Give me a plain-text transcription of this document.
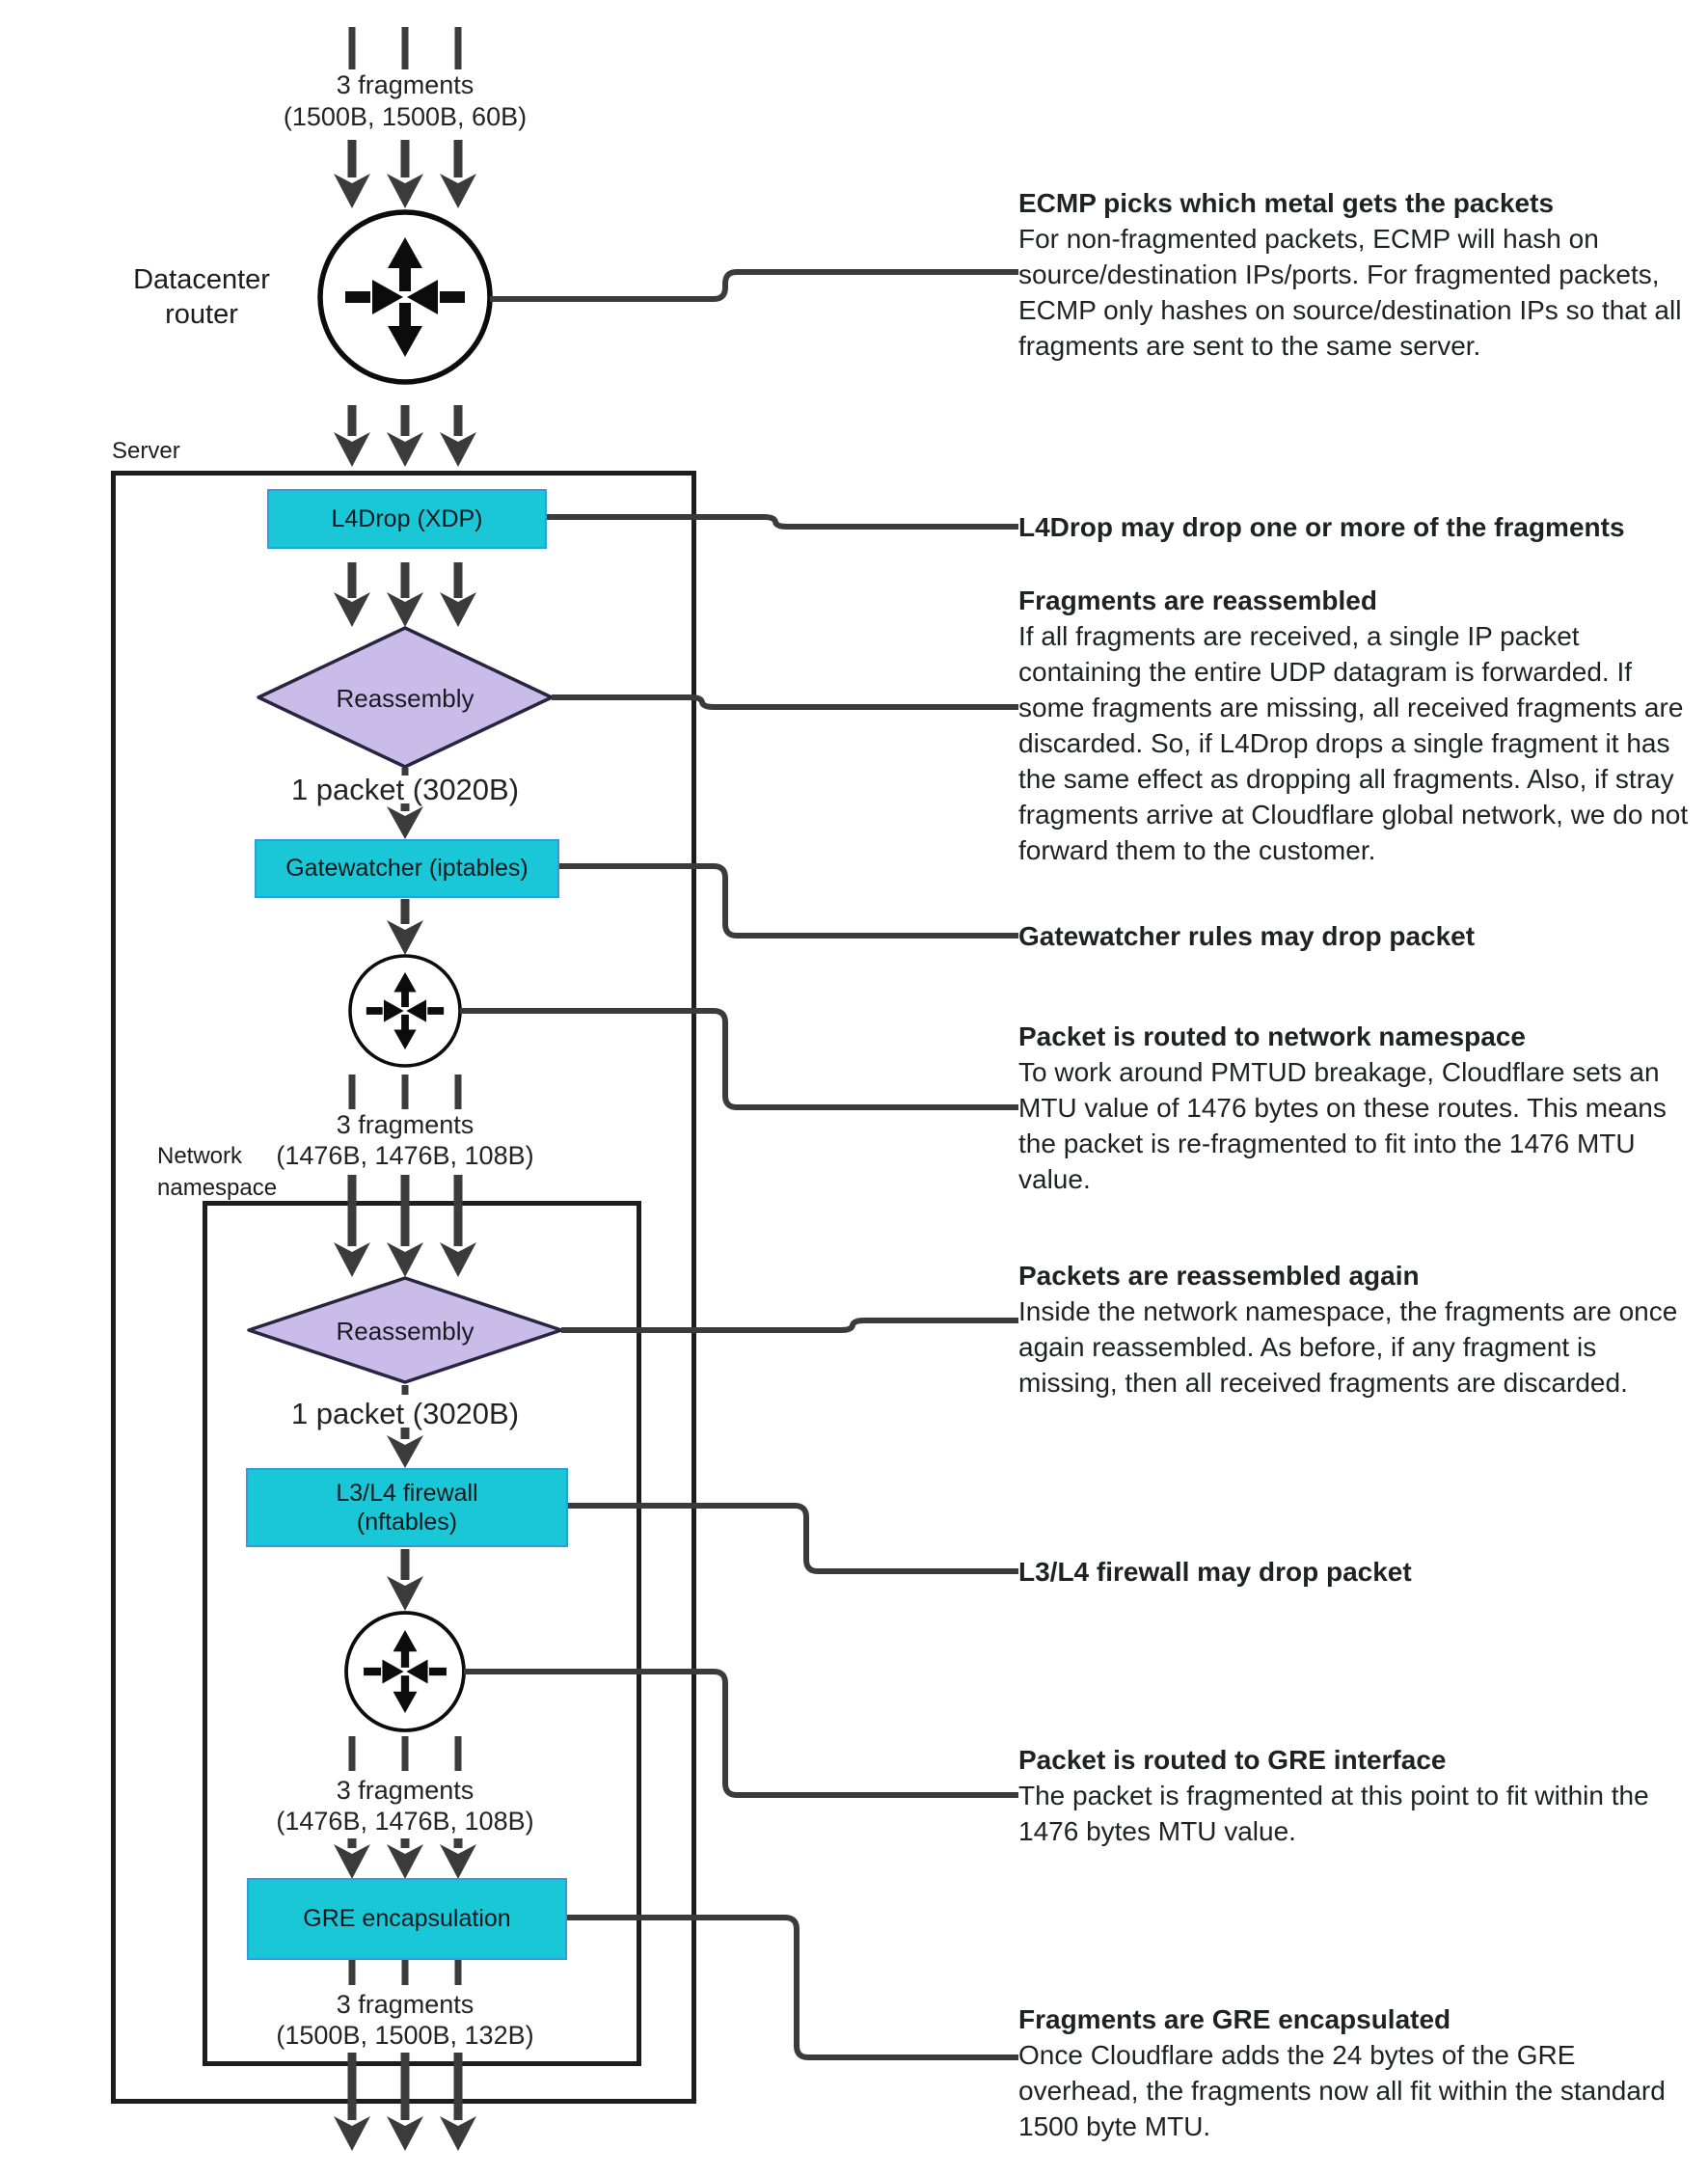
3 fragments
(1500B, 1500B, 60B)
Datacenter router
Server
L4Drop (XDP)
Reassembly
1 packet (3020B)
Gatewatcher (iptables)
3 fragments
(1476B, 1476B, 108B)
Network namespace
Reassembly
1 packet (3020B)
L3/L4 firewall
(nftables)
3 fragments
(1476B, 1476B, 108B)
GRE encapsulation
3 fragments
(1500B, 1500B, 132B)
ECMP picks which metal gets the packets
For non-fragmented packets, ECMP will hash on source/destination IPs/ports. For fragmented packets, ECMP only hashes on source/destination IPs so that all fragments are sent to the same server.
L4Drop may drop one or more of the fragments
Fragments are reassembled
If all fragments are received, a single IP packet containing the entire UDP datagram is forwarded. If some fragments are missing, all received fragments are discarded. So, if L4Drop drops a single fragment it has the same effect as dropping all fragments. Also, if stray fragments arrive at Cloudflare global network, we do not forward them to the customer.
Gatewatcher rules may drop packet
Packet is routed to network namespace
To work around PMTUD breakage, Cloudflare sets an MTU value of 1476 bytes on these routes. This means the packet is re-fragmented to fit into the 1476 MTU value.
Packets are reassembled again
Inside the network namespace, the fragments are once again reassembled. As before, if any fragment is missing, then all received fragments are discarded.
L3/L4 firewall may drop packet
Packet is routed to GRE interface
The packet is fragmented at this point to fit within the 1476 bytes MTU value.
Fragments are GRE encapsulated
Once Cloudflare adds the 24 bytes of the GRE overhead, the fragments now all fit within the standard 1500 byte MTU.
